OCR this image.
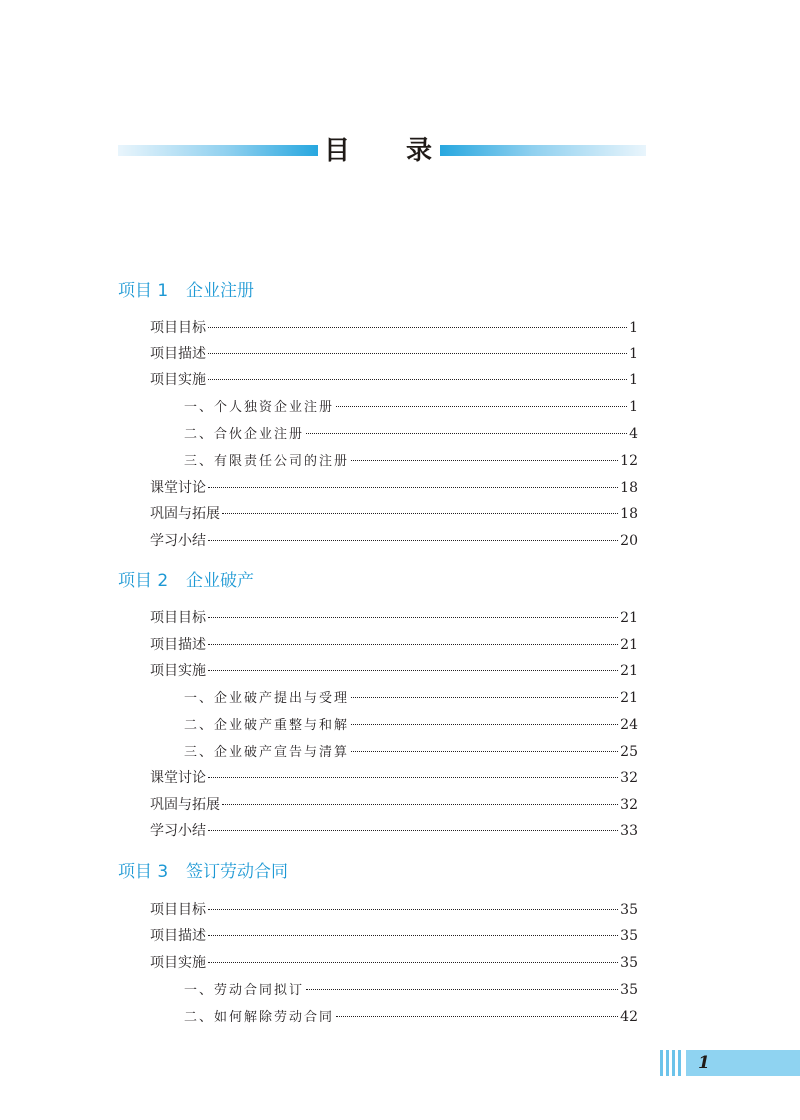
目 录
项目 1 企业注册
项目目标	1
项目描述	1
项目实施	1
一、个人独资企业注册	1
二、合伙企业注册	4
三、有限责任公司的注册	12
课堂讨论	18
巩固与拓展	18
学习小结	20
项目 2 企业破产
项目目标	21
项目描述	21
项目实施	21
一、企业破产提出与受理	21
二、企业破产重整与和解	24
三、企业破产宣告与清算	25
课堂讨论	32
巩固与拓展	32
学习小结	33
项目 3 签订劳动合同
项目目标	35
项目描述	35
项目实施	35
一、劳动合同拟订	35
二、如何解除劳动合同	42
1
